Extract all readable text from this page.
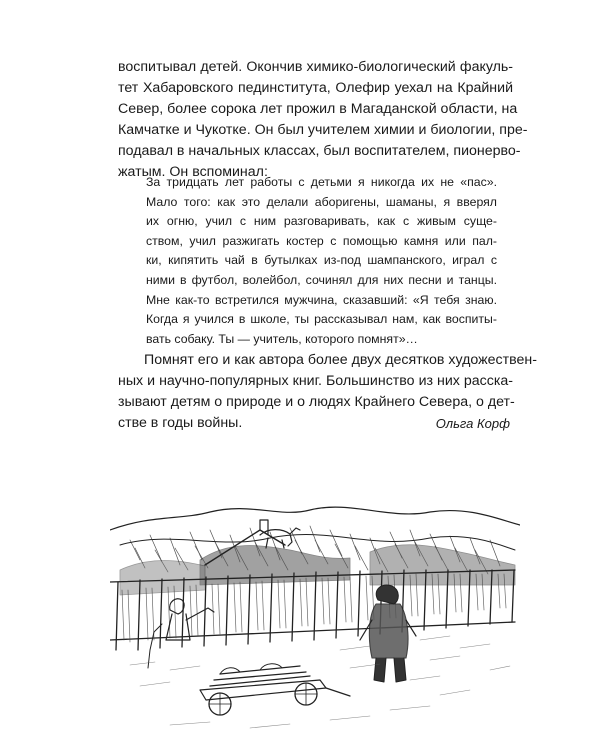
воспитывал детей. Окончив химико-биологический факуль-
тет Хабаровского пединститута, Олефир уехал на Крайний
Север, более сорока лет прожил в Магаданской области, на
Камчатке и Чукотке. Он был учителем химии и биологии, пре-
подавал в начальных классах, был воспитателем, пионерво-
жатым. Он вспоминал:

За тридцать лет работы с детьми я никогда их не «пас».
Мало того: как это делали аборигены, шаманы, я вверял
их огню, учил с ним разговаривать, как с живым суще-
ством, учил разжигать костер с помощью камня или пал-
ки, кипятить чай в бутылках из-под шампанского, играл с
ними в футбол, волейбол, сочинял для них песни и танцы.
Мне как-то встретился мужчина, сказавший: «Я тебя знаю.
Когда я учился в школе, ты рассказывал нам, как воспиты-
вать собаку. Ты — учитель, которого помнят»…

Помнят его и как автора более двух десятков художествен-
ных и научно-популярных книг. Большинство из них расска-
зывают детям о природе и о людях Крайнего Севера, о дет-
стве в годы войны.	Ольга Корф
